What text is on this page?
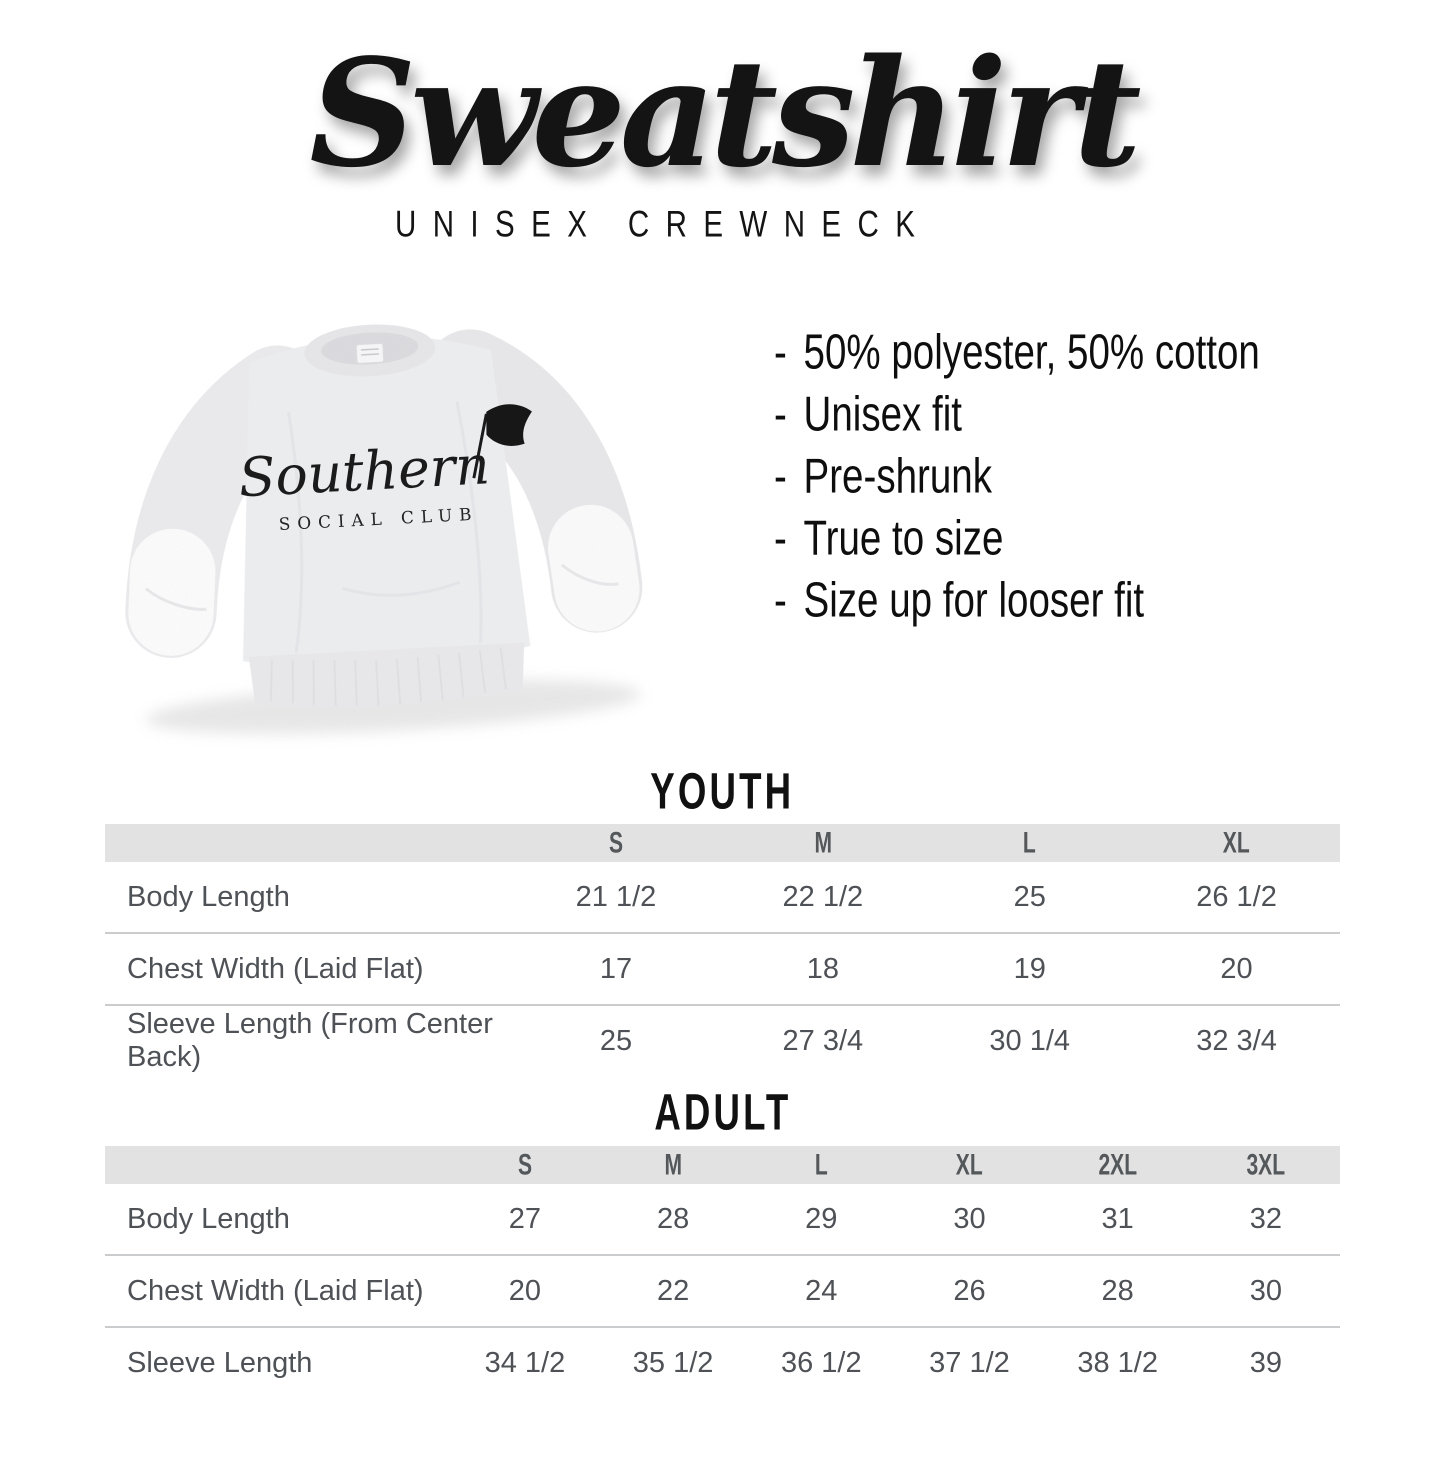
Sweatshirt
UNISEX CREWNECK
Southern
SOCIAL CLUB
- 50% polyester, 50% cotton
- Unisex fit
- Pre-shrunk
- True to size
- Size up for looser fit
YOUTH
	S	M	L	XL
Body Length	21 1/2	22 1/2	25	26 1/2
Chest Width (Laid Flat)	17	18	19	20
Sleeve Length (From Center Back)	25	27 3/4	30 1/4	32 3/4
ADULT
	S	M	L	XL	2XL	3XL
Body Length	27	28	29	30	31	32
Chest Width (Laid Flat)	20	22	24	26	28	30
Sleeve Length	34 1/2	35 1/2	36 1/2	37 1/2	38 1/2	39
